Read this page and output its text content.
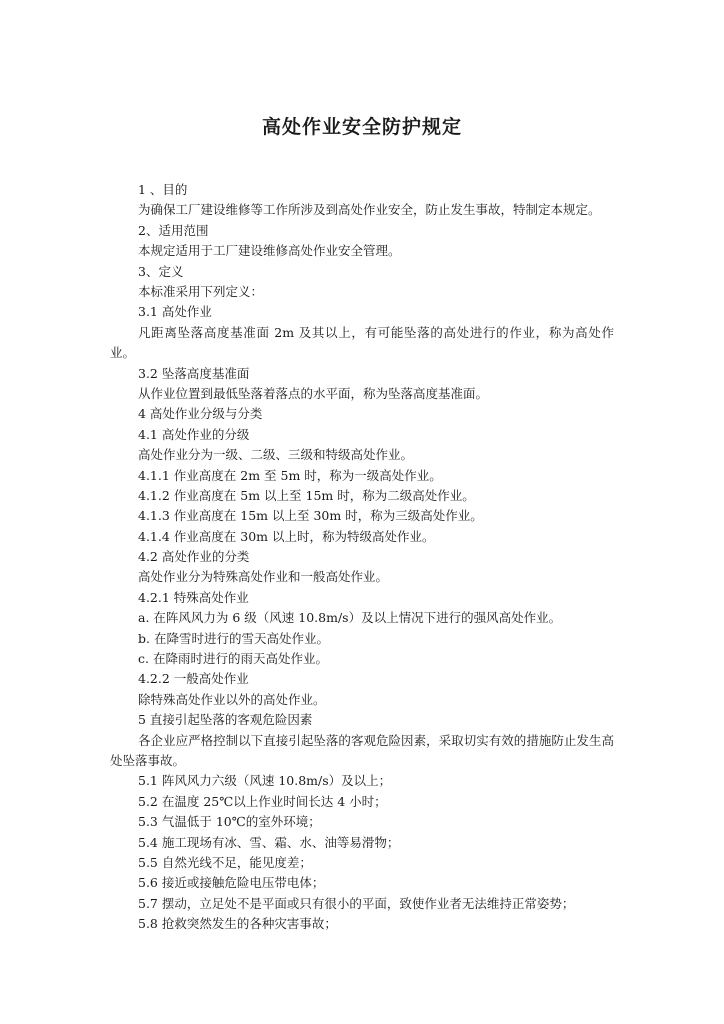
高处作业安全防护规定
1 、目的
为确保工厂建设维修等工作所涉及到高处作业安全，防止发生事故，特制定本规定。
2、适用范围
本规定适用于工厂建设维修高处作业安全管理。
3、定义
本标准采用下列定义：
3.1 高处作业
凡距离坠落高度基准面 2m 及其以上，有可能坠落的高处进行的作业，称为高处作业。
3.2 坠落高度基准面
从作业位置到最低坠落着落点的水平面，称为坠落高度基准面。
4 高处作业分级与分类
4.1 高处作业的分级
高处作业分为一级、二级、三级和特级高处作业。
4.1.1 作业高度在 2m 至 5m 时，称为一级高处作业。
4.1.2 作业高度在 5m 以上至 15m 时，称为二级高处作业。
4.1.3 作业高度在 15m 以上至 30m 时，称为三级高处作业。
4.1.4 作业高度在 30m 以上时，称为特级高处作业。
4.2 高处作业的分类
高处作业分为特殊高处作业和一般高处作业。
4.2.1 特殊高处作业
a. 在阵风风力为 6 级（风速 10.8m/s）及以上情况下进行的强风高处作业。
b. 在降雪时进行的雪天高处作业。
c. 在降雨时进行的雨天高处作业。
4.2.2 一般高处作业
除特殊高处作业以外的高处作业。
5 直接引起坠落的客观危险因素
各企业应严格控制以下直接引起坠落的客观危险因素，采取切实有效的措施防止发生高处坠落事故。
5.1 阵风风力六级（风速 10.8m/s）及以上；
5.2 在温度 25℃以上作业时间长达 4 小时；
5.3 气温低于 10℃的室外环境；
5.4 施工现场有冰、雪、霜、水、油等易滑物；
5.5 自然光线不足，能见度差；
5.6 接近或接触危险电压带电体；
5.7 摆动，立足处不是平面或只有很小的平面，致使作业者无法维持正常姿势；
5.8 抢救突然发生的各种灾害事故；
